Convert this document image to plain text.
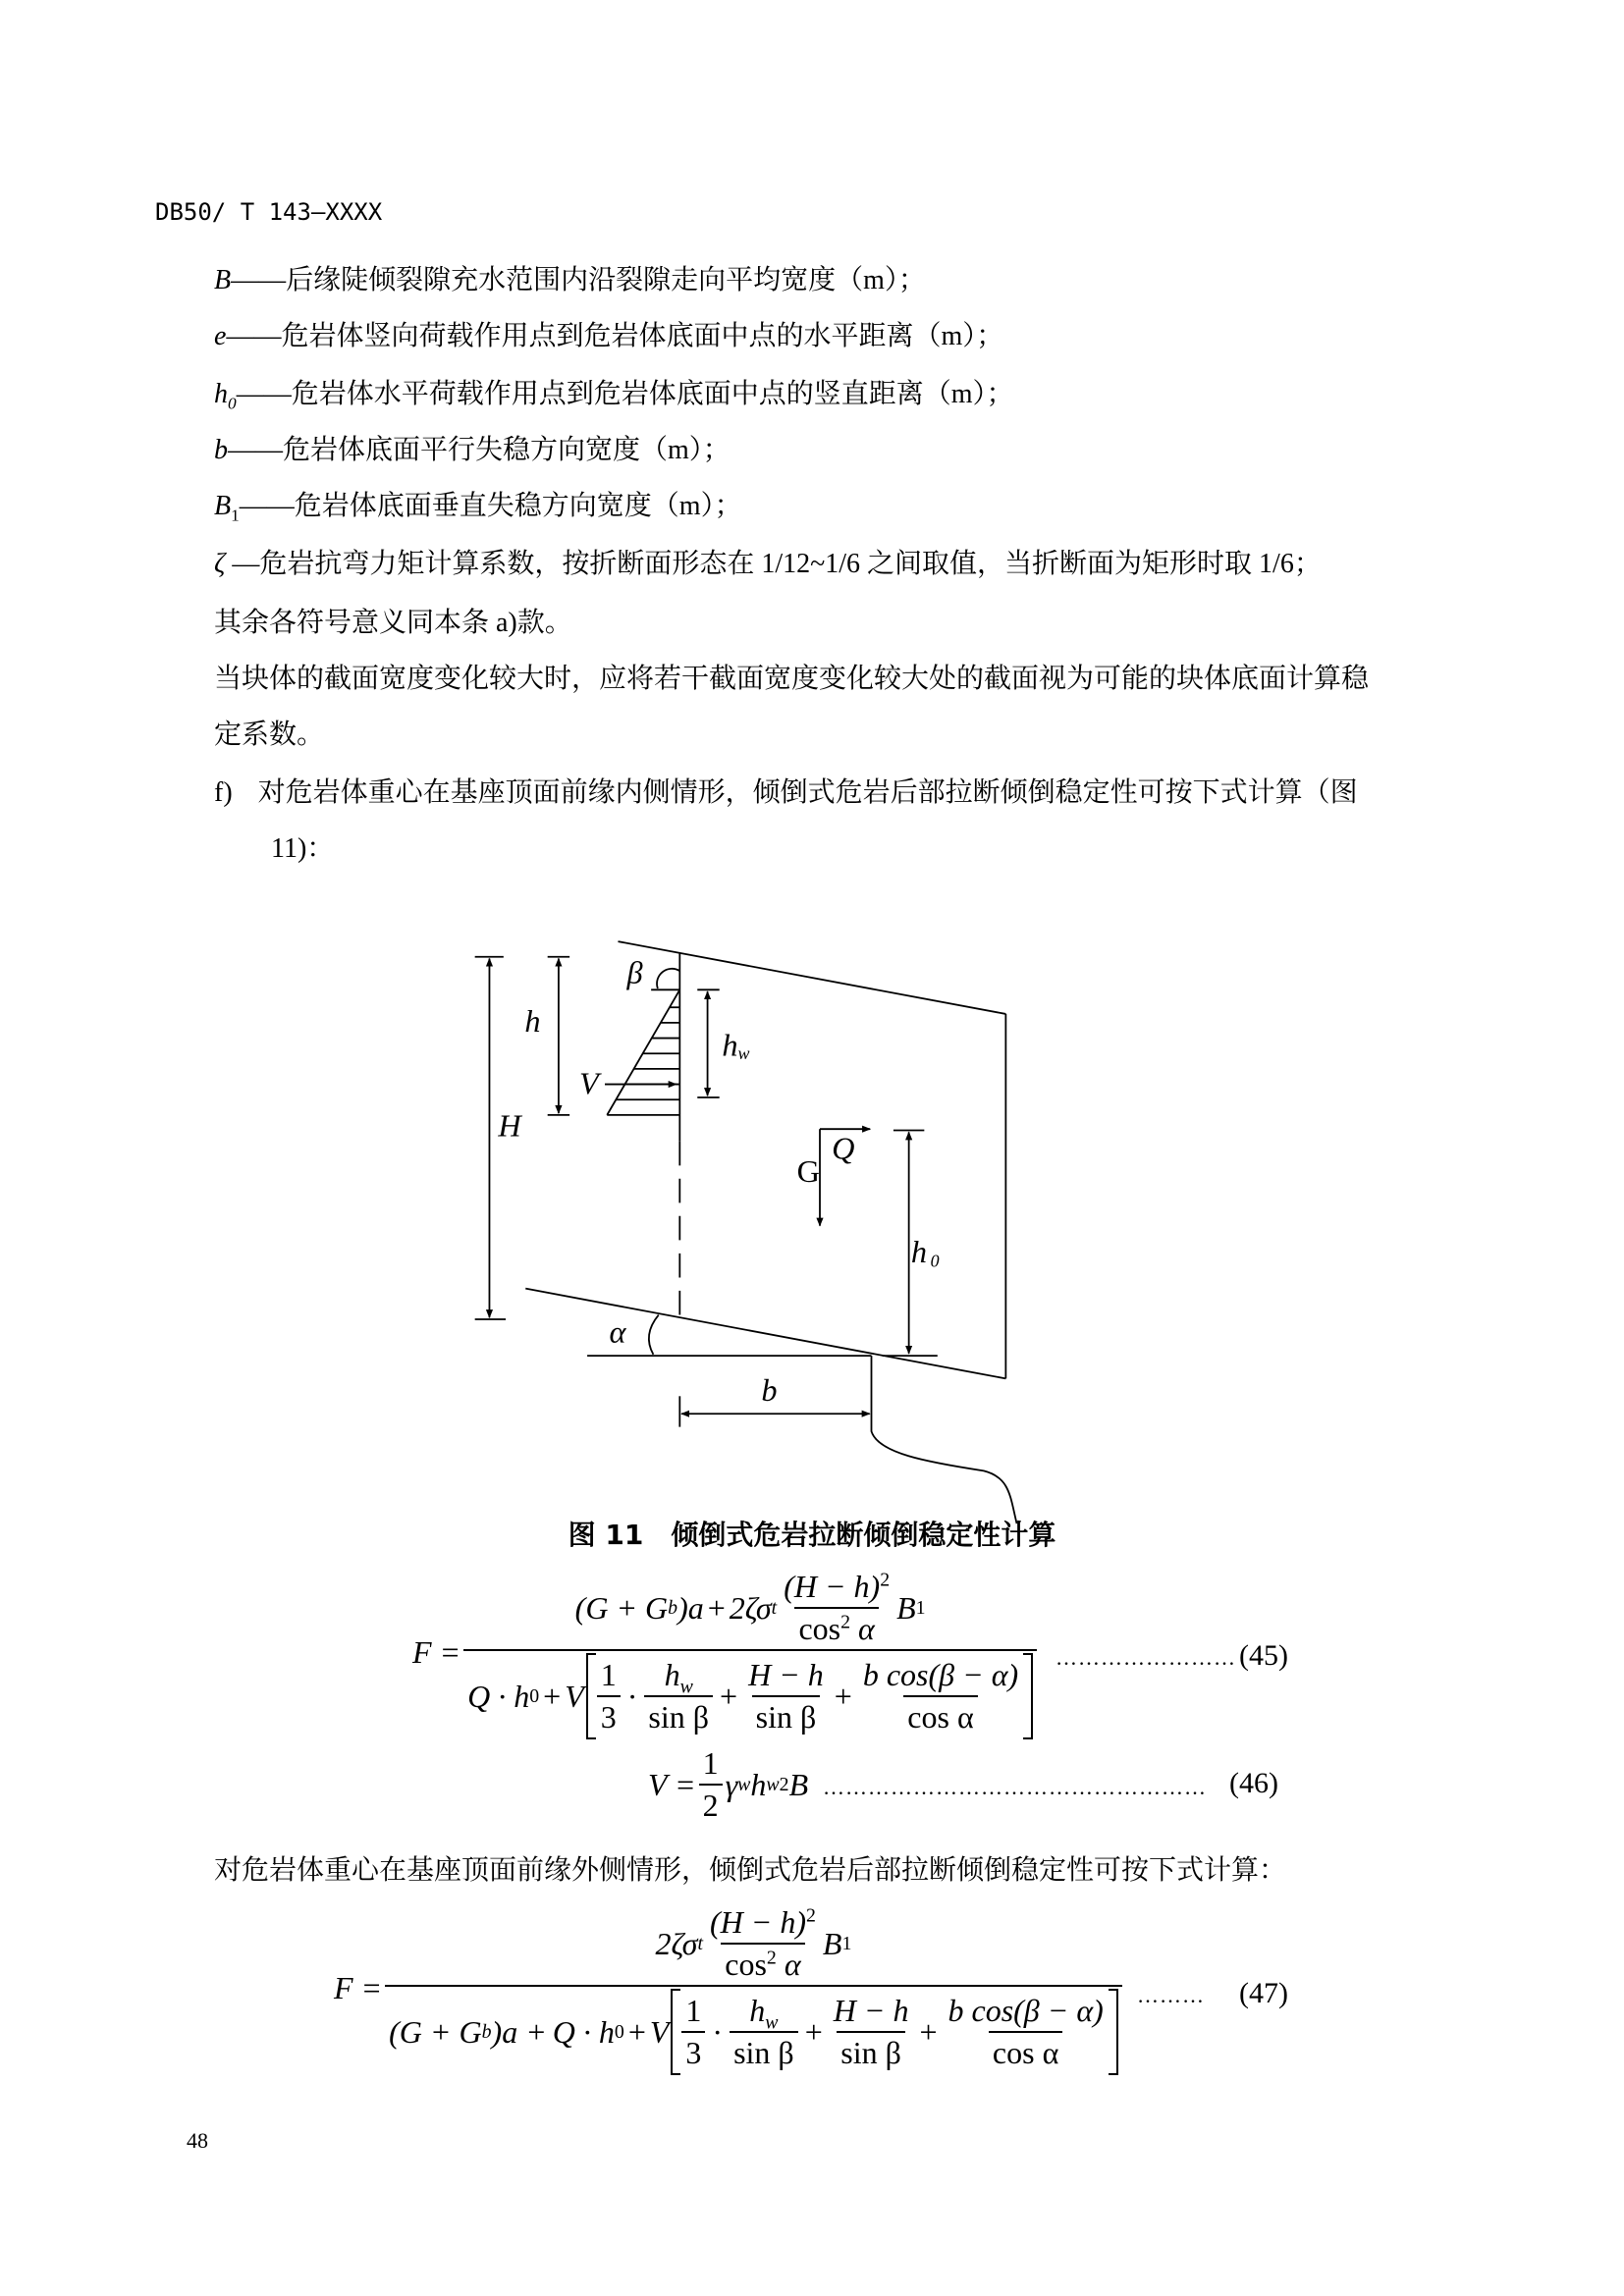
DB50/ T 143—XXXX
B——后缘陡倾裂隙充水范围内沿裂隙走向平均宽度（m）；
e——危岩体竖向荷载作用点到危岩体底面中点的水平距离（m）；
$h_0——$危岩体水平荷载作用点到危岩体底面中点的竖直距离（m）；
b——危岩体底面平行失稳方向宽度（m）；
$B_1——$危岩体底面垂直失稳方向宽度（m）；
ζ —危岩抗弯力矩计算系数，按折断面形态在 1/12~1/6 之间取值，当折断面为矩形时取 1/6；
其余各符号意义同本条 a)款。
当块体的截面宽度变化较大时，应将若干截面宽度变化较大处的截面视为可能的块体底面计算稳
定系数。
f) 对危岩体重心在基座顶面前缘内侧情形，倾倒式危岩后部拉断倾倒稳定性可按下式计算（图
11)：
β
h
V
hw
H
Q
G
h0
α
b
图 11　倾倒式危岩拉断倾倒稳定性计算
F =
(G + G b )a + 2ζσ t $\frac{(H - h)^2}{\cos^2 \alpha}$ B 1
Q · h 0 + V $\frac{1}{3} \cdot \frac{h_w}{\text{sin β}} + \frac{H - h}{\text{sin β}} + \frac{\text{b cos(β − α)}}{\text{cos α}}$ …………………… (45)
$V = \frac{1}{2}$ γ w h w 2 B …………………………………………… (46)
对危岩体重心在基座顶面前缘外侧情形，倾倒式危岩后部拉断倾倒稳定性可按下式计算：
F =
2ζσ t $\frac{(H - h)^2}{\cos^2 \alpha}$ B 1
(G + G b )a + Q · h 0 + V $\frac{1}{3} \cdot \frac{h_w}{\text{sin β}} + \frac{H - h}{\text{sin β}} + \frac{\text{b cos(β − α)}}{\text{cos α}}$ ……… (47)
48
